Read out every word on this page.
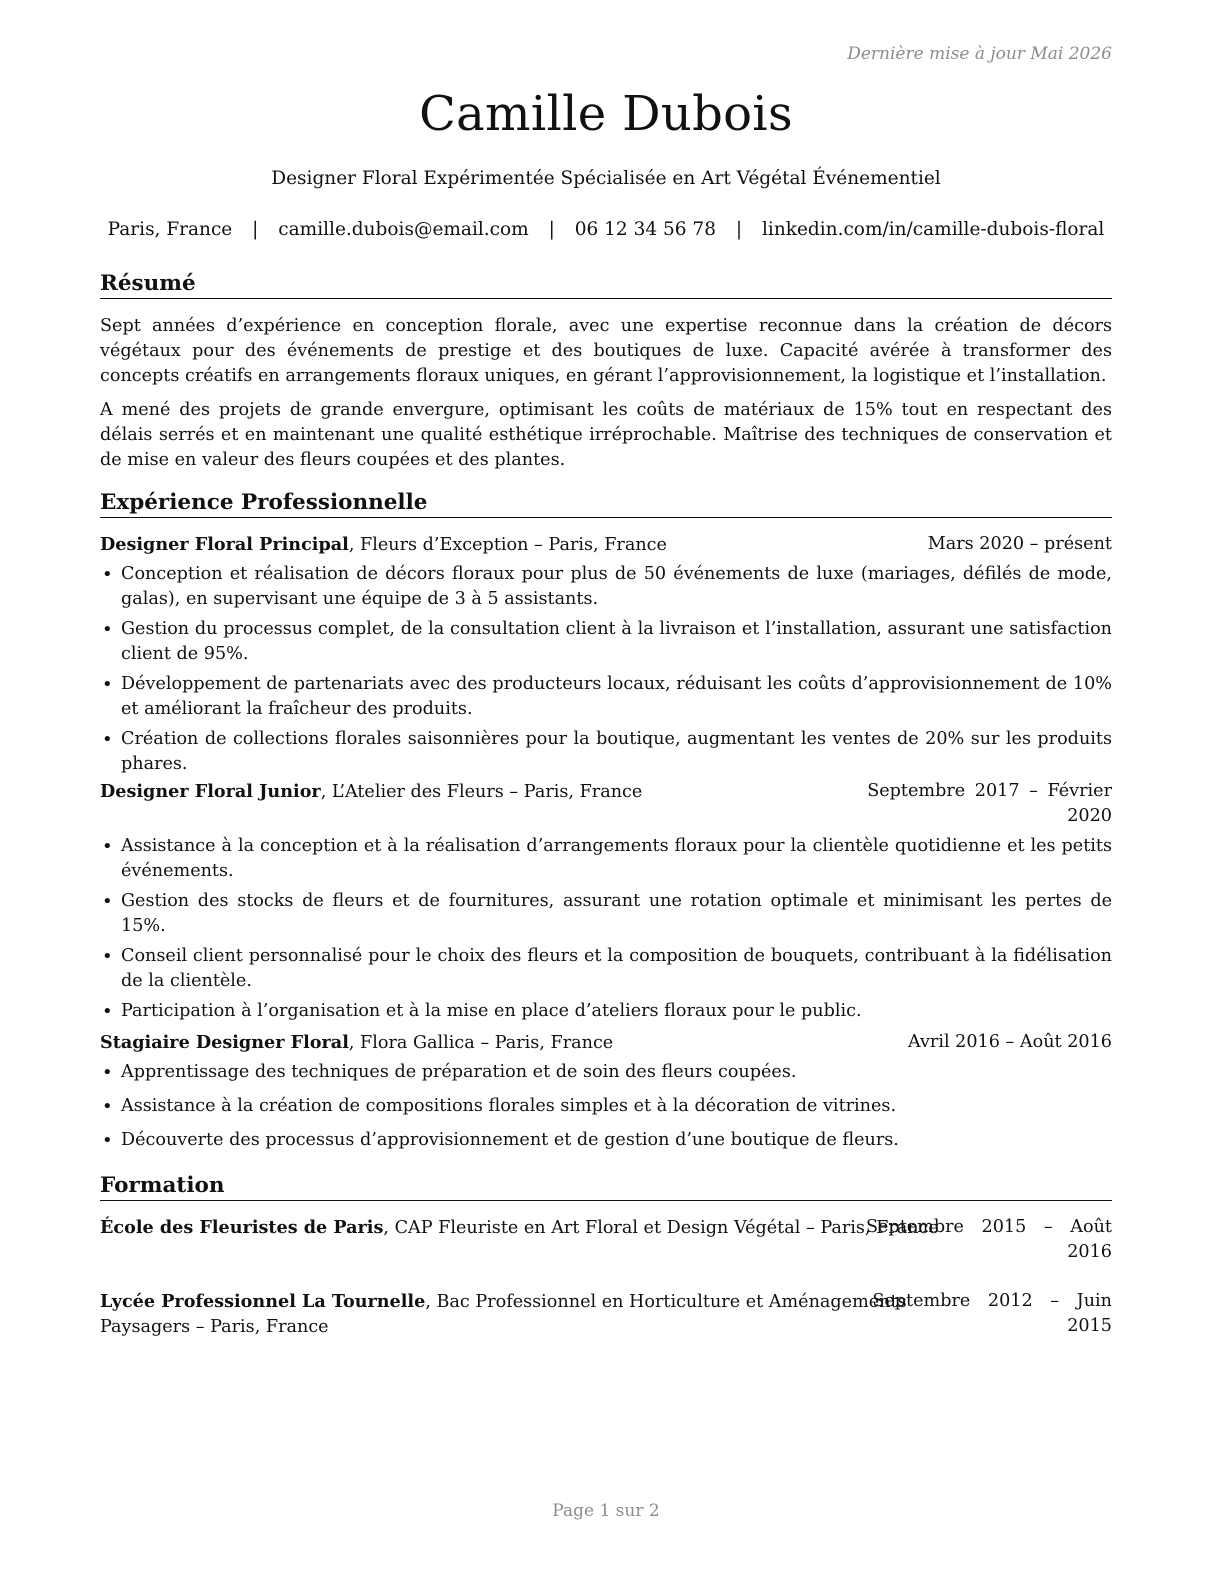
Dernière mise à jour Mai 2026
Camille Dubois
Designer Floral Expérimentée Spécialisée en Art Végétal Événementiel
Paris, France | camille.dubois@email.com | 06 12 34 56 78 | linkedin.com/in/camille-dubois-floral
Résumé
Sept années d’expérience en conception florale, avec une expertise reconnue dans la création de décors végétaux pour des événements de prestige et des boutiques de luxe. Capacité avérée à transformer des concepts créatifs en arrangements floraux uniques, en gérant l’approvisionnement, la logistique et l’installation.
A mené des projets de grande envergure, optimisant les coûts de matériaux de 15% tout en respectant des délais serrés et en maintenant une qualité esthétique irréprochable. Maîtrise des techniques de conservation et de mise en valeur des fleurs coupées et des plantes.
Expérience Professionnelle
Designer Floral Principal, Fleurs d’Exception – Paris, France	Mars 2020 – présent
• Conception et réalisation de décors floraux pour plus de 50 événements de luxe (mariages, défilés de mode, galas), en supervisant une équipe de 3 à 5 assistants.
• Gestion du processus complet, de la consultation client à la livraison et l’installation, assurant une satisfaction client de 95%.
• Développement de partenariats avec des producteurs locaux, réduisant les coûts d’approvisionnement de 10% et améliorant la fraîcheur des produits.
• Création de collections florales saisonnières pour la boutique, augmentant les ventes de 20% sur les produits phares.
Designer Floral Junior, L’Atelier des Fleurs – Paris, France	Septembre 2017 – Février
2020
• Assistance à la conception et à la réalisation d’arrangements floraux pour la clientèle quotidienne et les petits événements.
• Gestion des stocks de fleurs et de fournitures, assurant une rotation optimale et minimisant les pertes de 15%.
• Conseil client personnalisé pour le choix des fleurs et la composition de bouquets, contribuant à la fidélisation de la clientèle.
• Participation à l’organisation et à la mise en place d’ateliers floraux pour le public.
Stagiaire Designer Floral, Flora Gallica – Paris, France	Avril 2016 – Août 2016
• Apprentissage des techniques de préparation et de soin des fleurs coupées.
• Assistance à la création de compositions florales simples et à la décoration de vitrines.
• Découverte des processus d’approvisionnement et de gestion d’une boutique de fleurs.
Formation
École des Fleuristes de Paris, CAP Fleuriste en Art Floral et Design Végétal – Paris, France
Septembre 2015 – Août
2016
Lycée Professionnel La Tournelle, Bac Professionnel en Horticulture et Aménagements
Paysagers – Paris, France
Septembre 2012 – Juin
2015
Page 1 sur 2
